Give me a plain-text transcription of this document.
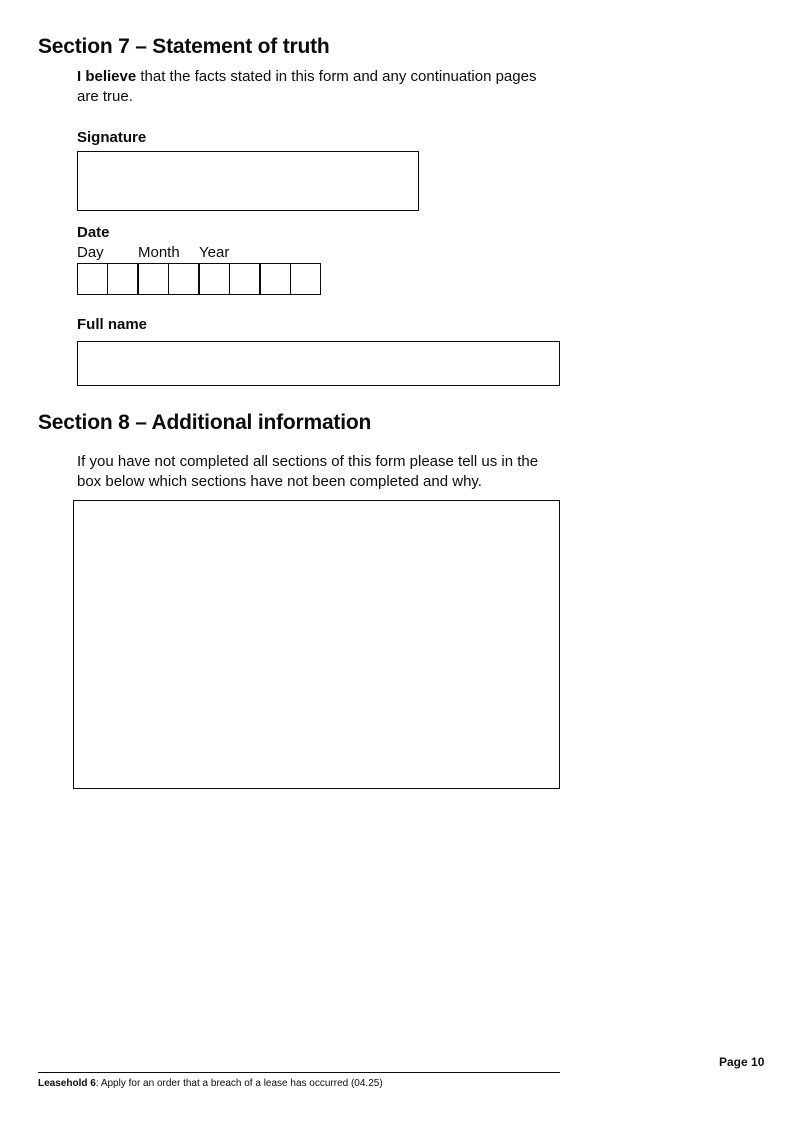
Section 7 – Statement of truth
I believe that the facts stated in this form and any continuation pages are true.
Signature
Date
Day Month Year
Full name
Section 8 – Additional information
If you have not completed all sections of this form please tell us in the box below which sections have not been completed and why.
Page 10
Leasehold 6: Apply for an order that a breach of a lease has occurred (04.25)
